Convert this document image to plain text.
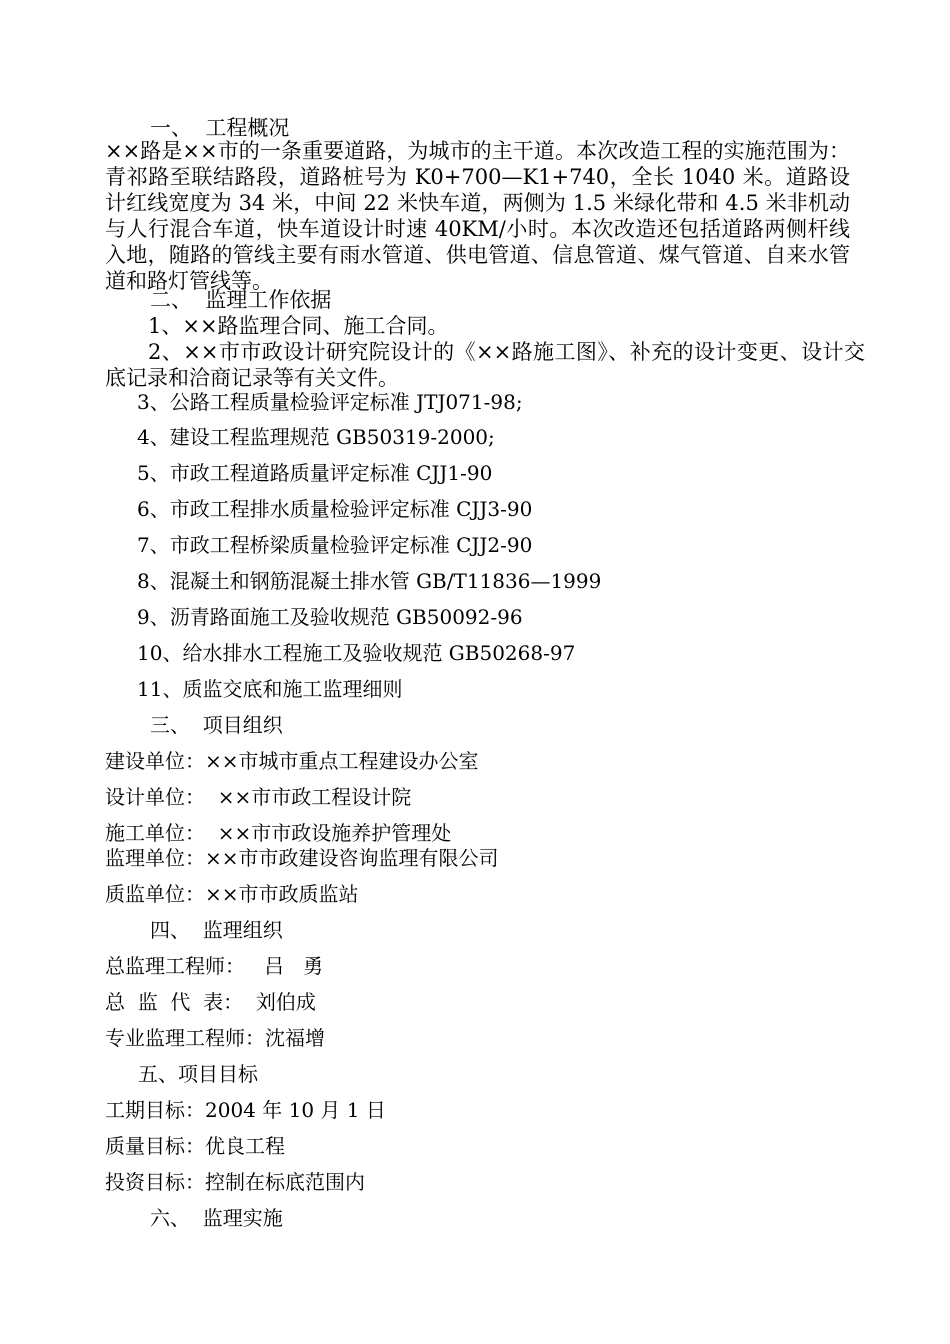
一、  工程概况
××路是××市的一条重要道路，为城市的主干道。本次改造工程的实施范围为：青祁路至联结路段，道路桩号为 K0+700—K1+740，全长 1040 米。道路设计红线宽度为 34 米，中间 22 米快车道，两侧为 1.5 米绿化带和 4.5 米非机动与人行混合车道，快车道设计时速 40KM/小时。本次改造还包括道路两侧杆线入地，随路的管线主要有雨水管道、供电管道、信息管道、煤气管道、自来水管道和路灯管线等。
二、  监理工作依据
1、××路监理合同、施工合同。
2、××市市政设计研究院设计的《××路施工图》、补充的设计变更、设计交底记录和洽商记录等有关文件。
3、公路工程质量检验评定标准 JTJ071-98;
4、建设工程监理规范 GB50319-2000;
5、市政工程道路质量评定标准 CJJ1-90
6、市政工程排水质量检验评定标准 CJJ3-90
7、市政工程桥梁质量检验评定标准 CJJ2-90
8、混凝土和钢筋混凝土排水管 GB/T11836—1999
9、沥青路面施工及验收规范 GB50092-96
10、给水排水工程施工及验收规范 GB50268-97
11、质监交底和施工监理细则
三、  项目组织
建设单位：××市城市重点工程建设办公室
设计单位：  ××市市政工程设计院
施工单位：  ××市市政设施养护管理处
监理单位：××市市政建设咨询监理有限公司
质监单位：××市市政质监站
四、  监理组织
总监理工程师：   吕   勇
总  监  代  表：  刘伯成
专业监理工程师：沈福增
五、项目目标
工期目标：2004 年 10 月 1 日
质量目标：优良工程
投资目标：控制在标底范围内
六、  监理实施
